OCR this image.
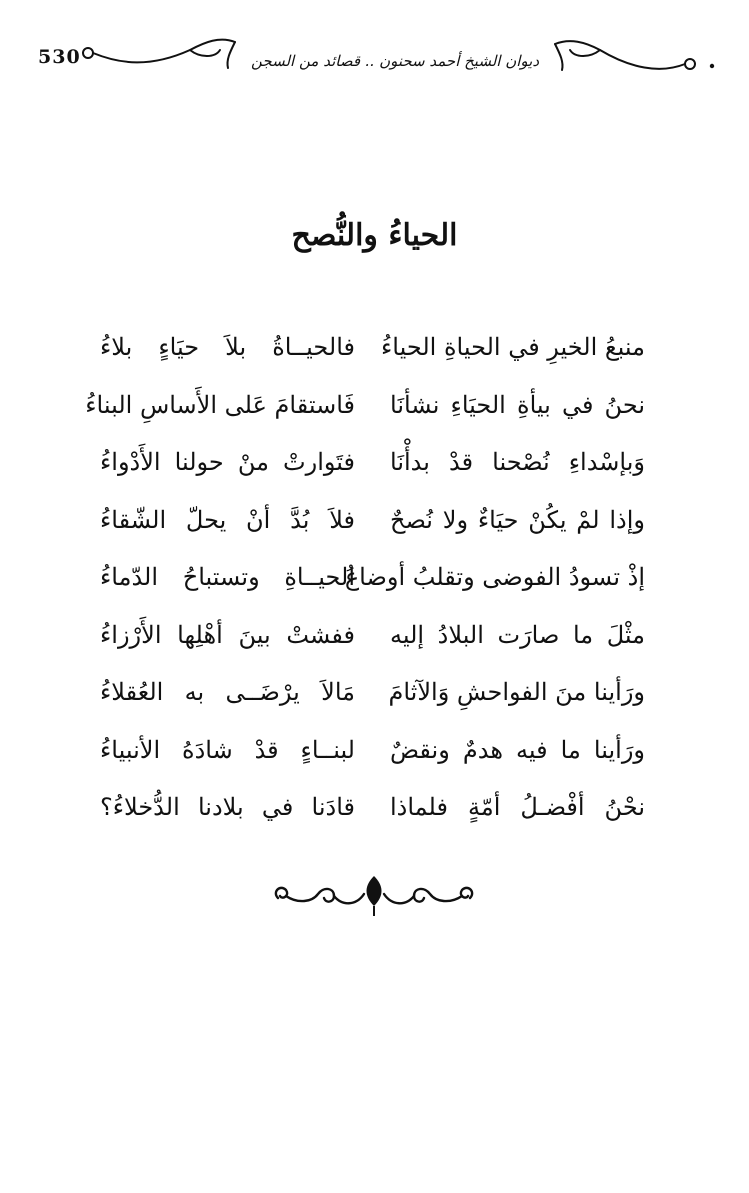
530	ديوان الشيخ أحمد سحنون .. قصائد من السجن
الحياءُ والنُّصح
منبعُ الخيرِ في الحياةِ الحياءُ
فالحيــاةُ بلاَ حيَاءٍ بلاءُ
نحنُ في بيأةِ الحيَاءِ نشأنَا
فَاستقامَ عَلى الأَساسِ البناءُ
وَبإسْداءِ نُصْحنا قدْ بدأْنَا
فتَوارتْ منْ حولنا الأَدْواءُ
وإذا لمْ يكُنْ حيَاءٌ ولا نُصحٌ
فلاَ بُدَّ أنْ يحلّ الشّقاءُ
إذْ تسودُ الفوضى وتقلبُ أوضاعُ
الحيــاةِ وتستباحُ الدّماءُ
مثْلَ ما صارَت البلادُ إليه
ففشتْ بينَ أهْلِها الأَرْزاءُ
ورَأينا منَ الفواحشِ وَالآثامَ
مَالاَ يرْضَــى به العُقلاءُ
ورَأينا ما فيه هدمٌ ونقضٌ
لبنــاءٍ قدْ شادَهُ الأنبياءُ
نحْنُ أفْضـلُ أمّةٍ فلماذا
قادَنا في بلادنا الدُّخلاءُ؟
